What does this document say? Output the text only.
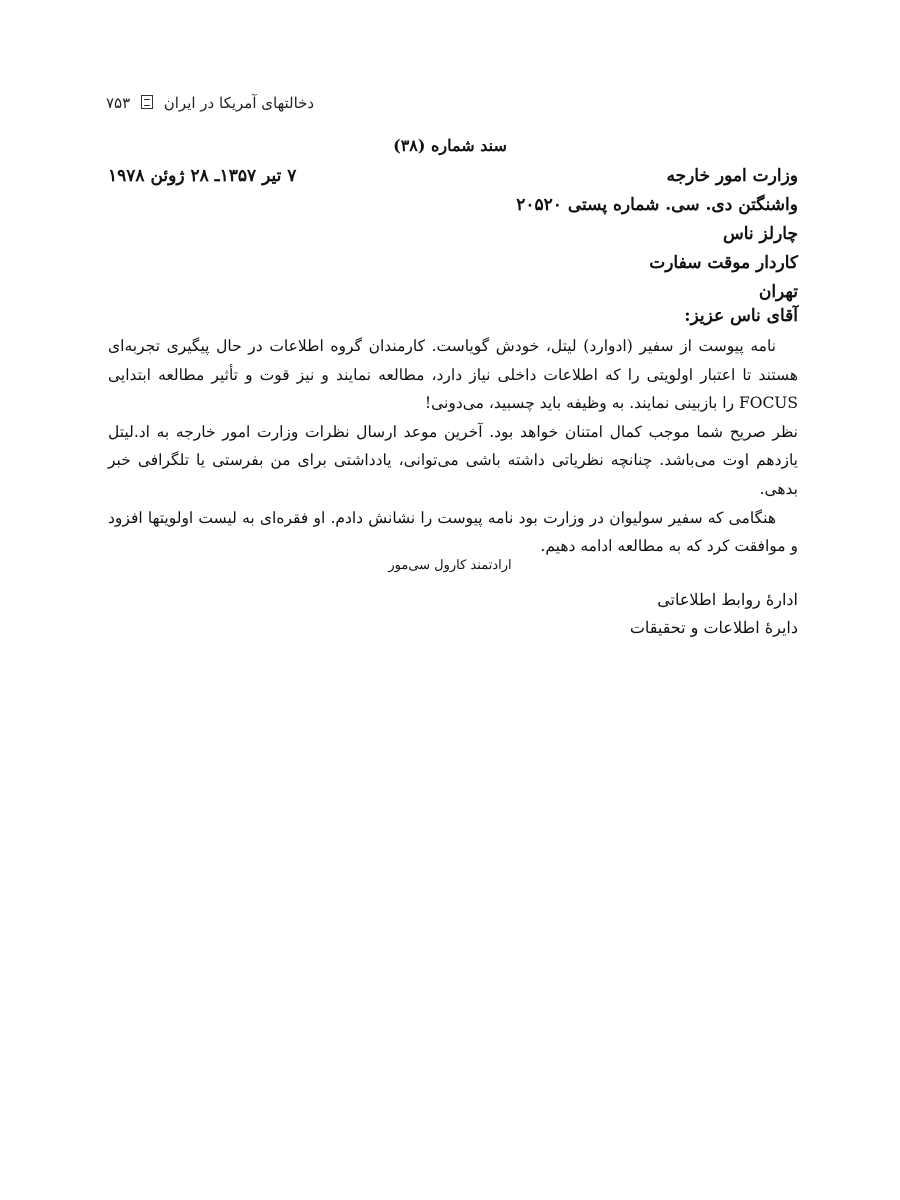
دخالتهای آمریکا در ایران  ۷۵۳
سند شماره (۳۸)
وزارت امور خارجه
۷ تیر ۱۳۵۷ـ ۲۸ ژوئن ۱۹۷۸
واشنگتن دی. سی. شماره پستی ۲۰۵۲۰
چارلز ناس
کاردار موقت سفارت
تهران
آقای ناس عزیز:

نامه پیوست از سفیر (ادوارد) لیتل، خودش گویاست. کارمندان گروه اطلاعات در حال پیگیری تجربه‌ای هستند تا اعتبار اولویتی را که اطلاعات داخلی نیاز دارد، مطالعه نمایند و نیز قوت و تأثیر مطالعه ابتدایی FOCUS را بازبینی نمایند. به وظیفه باید چسبید، می‌دونی!

نظر صریح شما موجب کمال امتنان خواهد بود. آخرین موعد ارسال نظرات وزارت امور خارجه به اد.لیتل یازدهم اوت می‌باشد. چنانچه نظریاتی داشته باشی می‌توانی، یادداشتی برای من بفرستی یا تلگرافی خبر بدهی.

هنگامی که سفیر سولیوان در وزارت بود نامه پیوست را نشانش دادم. او فقره‌ای به لیست اولویتها افزود و موافقت کرد که به مطالعه ادامه دهیم.

ارادتمند کارول سی‌مور
ادارهٔ روابط اطلاعاتی
دایرهٔ اطلاعات و تحقیقات
